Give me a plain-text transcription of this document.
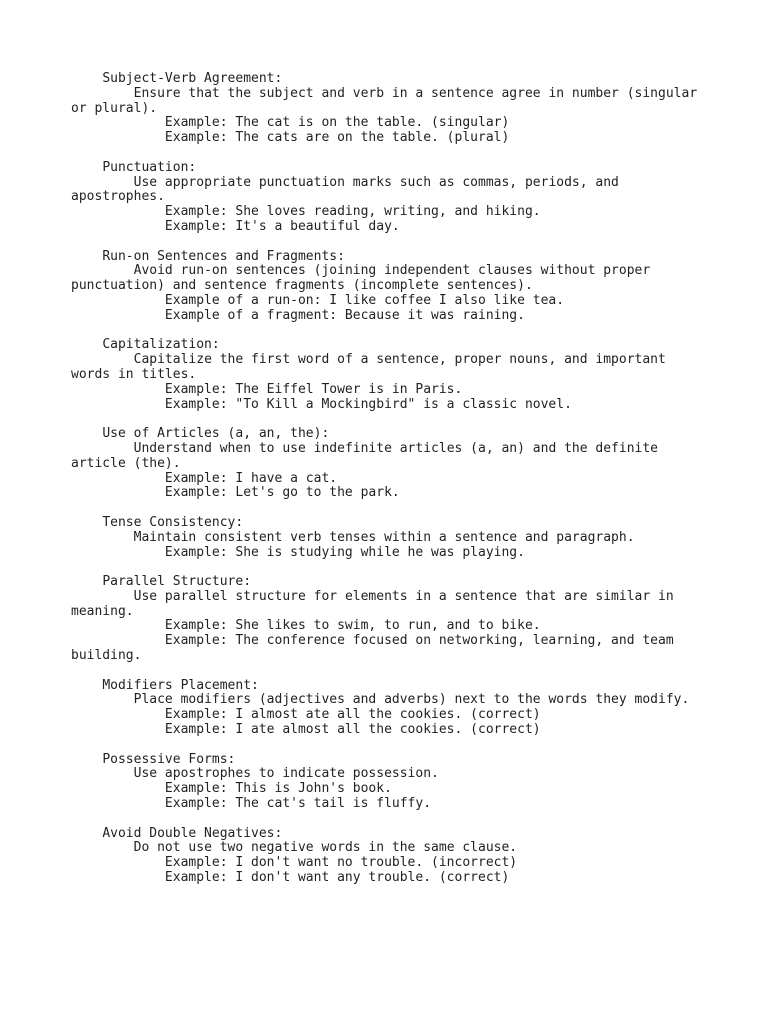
Subject-Verb Agreement:
Ensure that the subject and verb in a sentence agree in number (singular or plural).
Example: The cat is on the table. (singular)
Example: The cats are on the table. (plural)
Punctuation:
Use appropriate punctuation marks such as commas, periods, and apostrophes.
Example: She loves reading, writing, and hiking.
Example: It's a beautiful day.
Run-on Sentences and Fragments:
Avoid run-on sentences (joining independent clauses without proper punctuation) and sentence fragments (incomplete sentences).
Example of a run-on: I like coffee I also like tea.
Example of a fragment: Because it was raining.
Capitalization:
Capitalize the first word of a sentence, proper nouns, and important words in titles.
Example: The Eiffel Tower is in Paris.
Example: "To Kill a Mockingbird" is a classic novel.
Use of Articles (a, an, the):
Understand when to use indefinite articles (a, an) and the definite article (the).
Example: I have a cat.
Example: Let's go to the park.
Tense Consistency:
Maintain consistent verb tenses within a sentence and paragraph.
Example: She is studying while he was playing.
Parallel Structure:
Use parallel structure for elements in a sentence that are similar in meaning.
Example: She likes to swim, to run, and to bike.
Example: The conference focused on networking, learning, and team building.
Modifiers Placement:
Place modifiers (adjectives and adverbs) next to the words they modify.
Example: I almost ate all the cookies. (correct)
Example: I ate almost all the cookies. (correct)
Possessive Forms:
Use apostrophes to indicate possession.
Example: This is John's book.
Example: The cat's tail is fluffy.
Avoid Double Negatives:
Do not use two negative words in the same clause.
Example: I don't want no trouble. (incorrect)
Example: I don't want any trouble. (correct)
